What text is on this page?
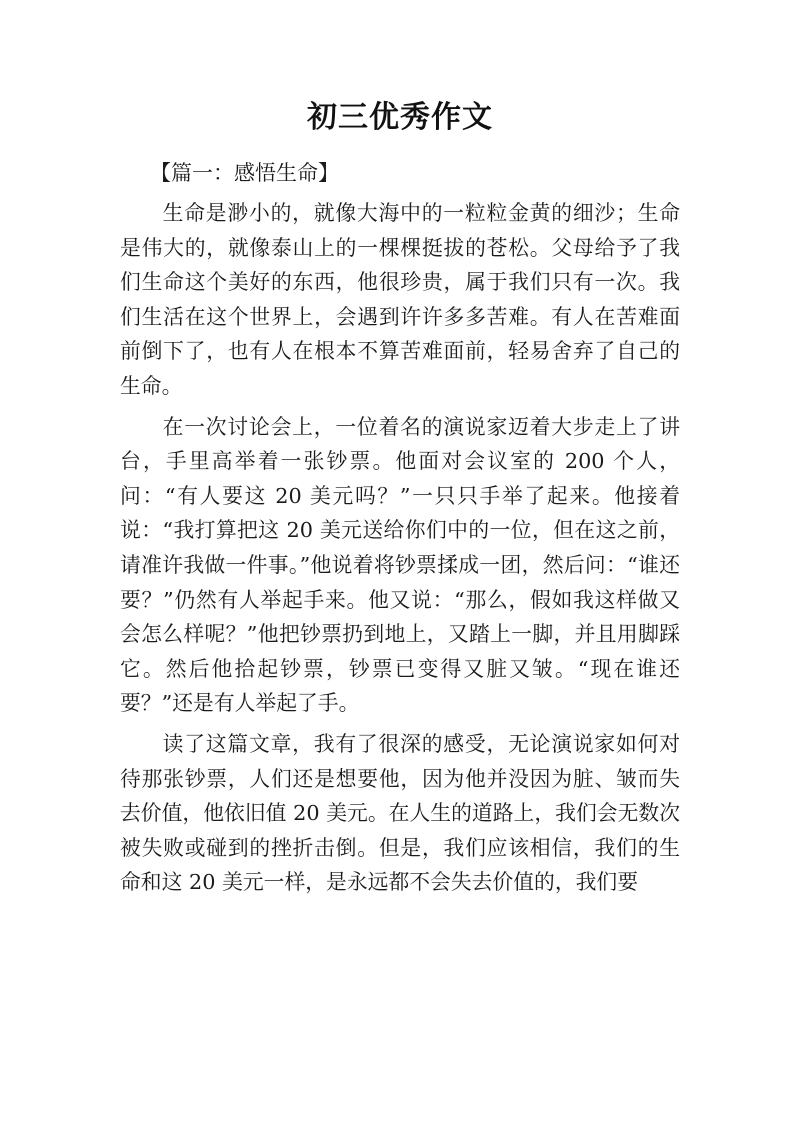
初三优秀作文
【篇一：感悟生命】

生命是渺小的，就像大海中的一粒粒金黄的细沙；生命是伟大的，就像泰山上的一棵棵挺拔的苍松。父母给予了我们生命这个美好的东西，他很珍贵，属于我们只有一次。我们生活在这个世界上，会遇到许许多多苦难。有人在苦难面前倒下了，也有人在根本不算苦难面前，轻易舍弃了自己的生命。

在一次讨论会上，一位着名的演说家迈着大步走上了讲台，手里高举着一张钞票。他面对会议室的 200 个人，问：“有人要这 20 美元吗？”一只只手举了起来。他接着说：“我打算把这 20 美元送给你们中的一位，但在这之前，请准许我做一件事。”他说着将钞票揉成一团，然后问：“谁还要？”仍然有人举起手来。他又说：“那么，假如我这样做又会怎么样呢？”他把钞票扔到地上，又踏上一脚，并且用脚踩它。然后他拾起钞票，钞票已变得又脏又皱。“现在谁还要？”还是有人举起了手。

读了这篇文章，我有了很深的感受，无论演说家如何对待那张钞票，人们还是想要他，因为他并没因为脏、皱而失去价值，他依旧值 20 美元。在人生的道路上，我们会无数次被失败或碰到的挫折击倒。但是，我们应该相信，我们的生命和这 20 美元一样，是永远都不会失去价值的，我们要
